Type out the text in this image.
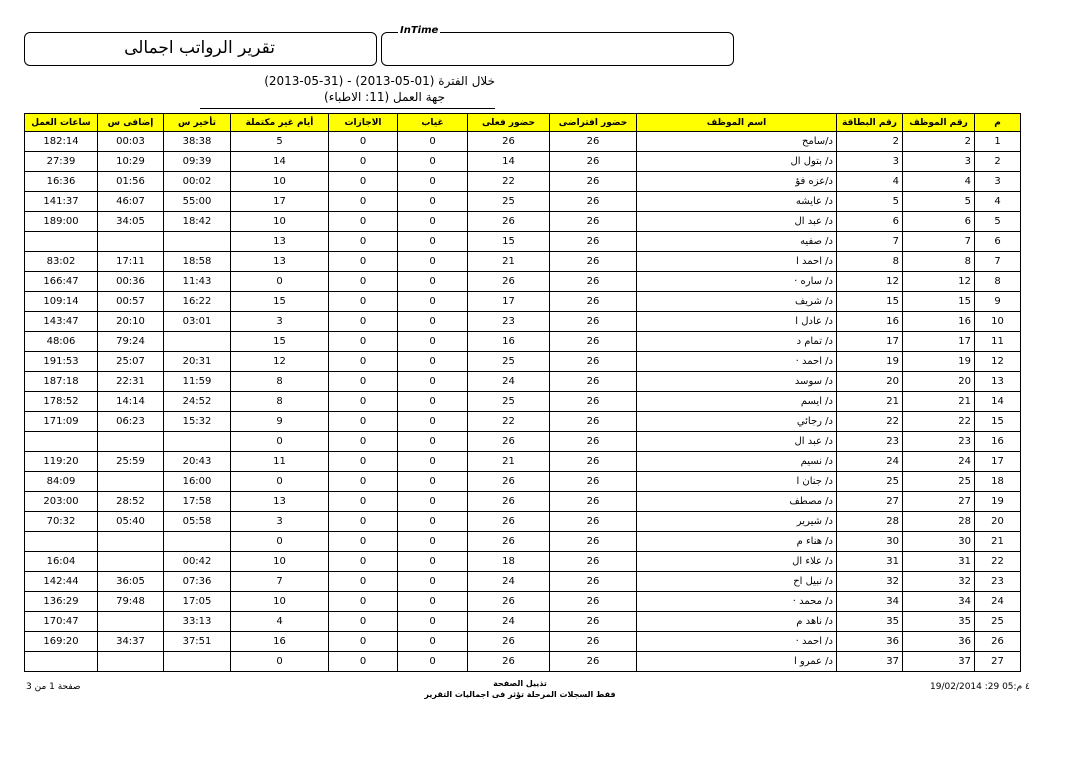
تقرير الرواتب اجمالى
InTime
خلال الفترة (01-05-2013) - (31-05-2013)
جهة العمل (11: الاطباء)
م	رقم الموظف	رقم البطاقة	اسم الموظف	حضور افتراضى	حضور فعلى	غياب	الاجازات	أيام غير مكتملة	تأخير س	إضافى س	ساعات العمل
1	2	2	د/سامح	26	26	0	0	5	38:38	00:03	182:14
2	3	3	د/ بتول ال	26	14	0	0	14	09:39	10:29	27:39
3	4	4	د/عزه فؤ	26	22	0	0	10	00:02	01:56	16:36
4	5	5	د/ عايشه	26	25	0	0	17	55:00	46:07	141:37
5	6	6	د/ عبد ال	26	26	0	0	10	18:42	34:05	189:00
6	7	7	د/ صفيه	26	15	0	0	13			
7	8	8	د/ احمد ا	26	21	0	0	13	18:58	17:11	83:02
8	12	12	د/ ساره ·	26	26	0	0	0	11:43	00:36	166:47
9	15	15	د/ شريف	26	17	0	0	15	16:22	00:57	109:14
10	16	16	د/ عادل ا	26	23	0	0	3	03:01	20:10	143:47
11	17	17	د/ تمام د	26	16	0	0	15		79:24	48:06
12	19	19	د/ احمد ·	26	25	0	0	12	20:31	25:07	191:53
13	20	20	د/ سوسد	26	24	0	0	8	11:59	22:31	187:18
14	21	21	د/ ايسم	26	25	0	0	8	24:52	14:14	178:52
15	22	22	د/ رجائي	26	22	0	0	9	15:32	06:23	171:09
16	23	23	د/ عبد ال	26	26	0	0	0			
17	24	24	د/ نسيم	26	21	0	0	11	20:43	25:59	119:20
18	25	25	د/ جنان ا	26	26	0	0	0	16:00		84:09
19	27	27	د/ مصطف	26	26	0	0	13	17:58	28:52	203:00
20	28	28	د/ شيرير	26	26	0	0	3	05:58	05:40	70:32
21	30	30	د/ هناء م	26	26	0	0	0			
22	31	31	د/ علاء ال	26	18	0	0	10	00:42		16:04
23	32	32	د/ نبيل اح	26	24	0	0	7	07:36	36:05	142:44
24	34	34	د/ محمد ·	26	26	0	0	10	17:05	79:48	136:29
25	35	35	د/ ناهد م	26	24	0	0	4	33:13		170:47
26	36	36	د/ احمد ·	26	26	0	0	16	37:51	34:37	169:20
27	37	37	د/ عمرو ا	26	26	0	0	0			
صفحة 1 من 3	19/02/2014 :29 05:٤ م
تذييل الصفحة
فقط السجلات المرحلة تؤثر فى اجماليات التقرير
